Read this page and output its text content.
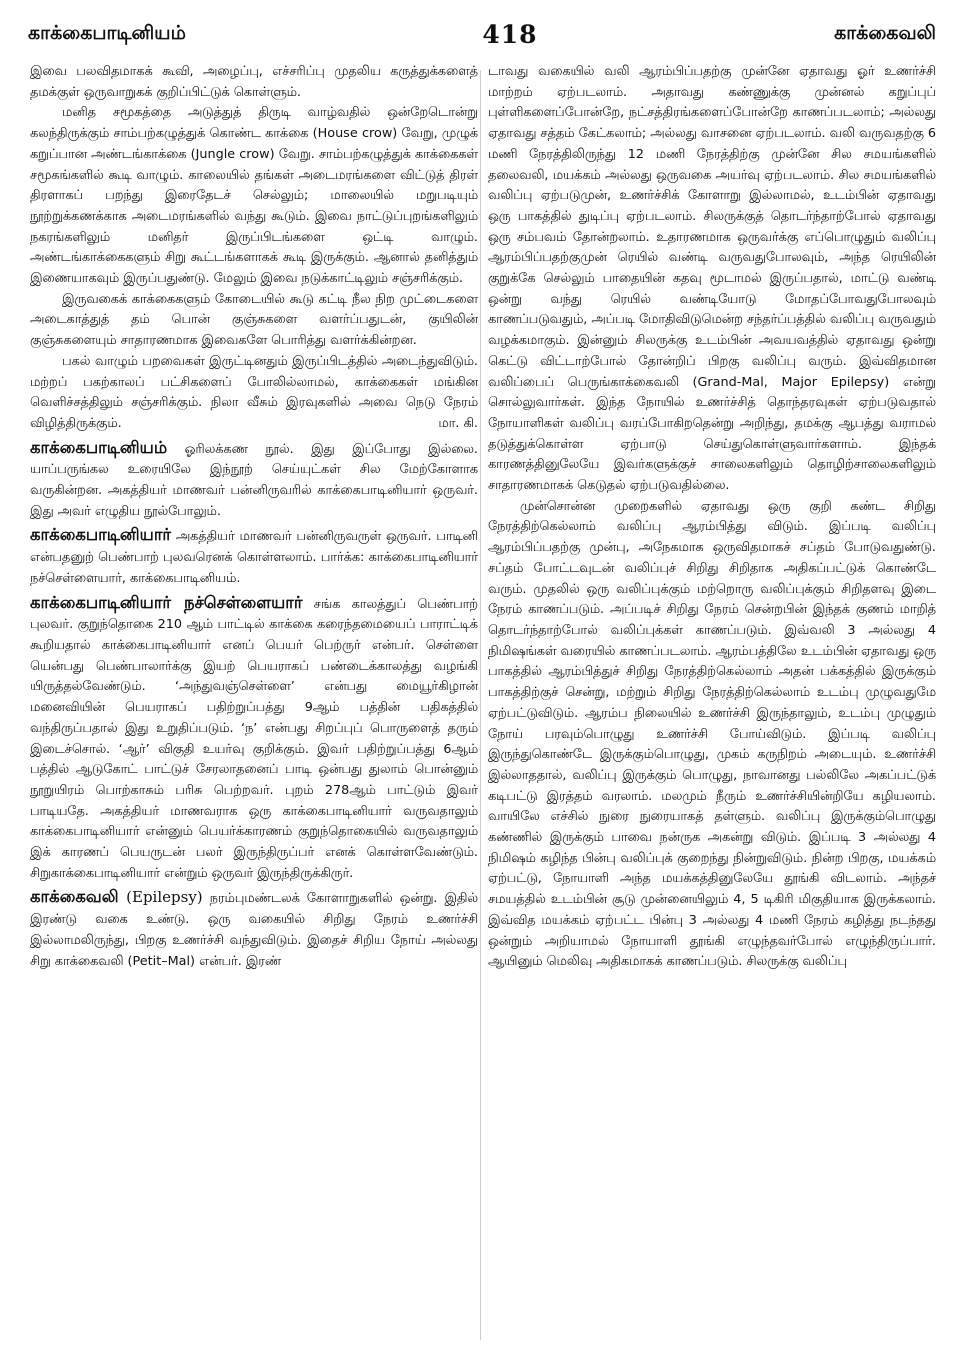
காக்கைபாடினியம்	418	காக்கைவலி

இவை பலவிதமாகக் கூவி, அழைப்பு, எச்சரிப்பு முதலிய கருத்துக்களைத் தமக்குள் ஒருவாறுகக் குறிப்பிட்டுக் கொள்ளும்.

மனித சமூகத்தை அடுத்துத் திருடி வாழ்வதில் ஒன்றேடொன்று கலந்திருக்கும் சாம்பற்கழுத்துக் கொண்ட காக்கை (House crow) வேறு, முழுக் கறுப்பான அண்டங்காக்கை (Jungle crow) வேறு. சாம்பற்கழுத்துக் காக்கைகள் சமூகங்களில் கூடி வாழும். காலையில் தங்கள் அடைமரங்களை விட்டுத் திரள் திரளாகப் பறந்து இரைதேடச் செல்லும்; மாலையில் மறுபடியும் நூற்றுக்கணக்காக அடைமரங்களில் வந்து கூடும். இவை நாட்டுப்புறங்களிலும் நகரங்களிலும் மனிதர் இருப்பிடங்களை ஒட்டி வாழும். அண்டங்காக்கைகளும் சிறு கூட்டங்களாகக் கூடி இருக்கும். ஆனால் தனித்தும் இணையாகவும் இருப்பதுண்டு. மேலும் இவை நடுக்காட்டிலும் சஞ்சரிக்கும்.

இருவகைக் காக்கைகளும் கோடையில் கூடு கட்டி நீல நிற முட்டைகளை அடைகாத்துத் தம் பொன் குஞ்சுகளை வளர்ப்பதுடன், குயிலின் குஞ்சுகளையும் சாதாரணமாக இவைகளே பொரித்து வளர்க்கின்றன.

பகல் வாழும் பறவைகள் இருட்டினதும் இருப்பிடத்தில் அடைந்துவிடும். மற்றப் பகற்காலப் பட்சிகளைப் போலில்லாமல், காக்கைகள் மங்கின வெளிச்சத்திலும் சஞ்சரிக்கும். நிலா வீசும் இரவுகளில் அவை நெடு நேரம் விழித்திருக்கும்.	மா. கி.

காக்கைபாடினியம் ஓரிலக்கண நூல். இது இப்போது இல்லை. யாப்பருங்கல உரையிலே இந்நூற் செய்யுட்கள் சில மேற்கோளாக வருகின்றன. அகத்தியர் மாணவர் பன்னிருவரில் காக்கைபாடினியார் ஒருவர். இது அவர் எழுதிய நூல்போலும்.

காக்கைபாடினியார் அகத்தியர் மாணவர் பன்னிருவருள் ஒருவர். பாடினி என்பதனுற் பெண்பாற் புலவரெனக் கொள்ளலாம். பார்க்க: காக்கைபாடினியார் நச்செள்ளையார், காக்கைபாடினியம்.

காக்கைபாடினியார் நச்செள்ளையார் சங்க காலத்துப் பெண்பாற் புலவர். குறுந்தொகை 210 ஆம் பாட்டில் காக்கை கரைந்தமையைப் பாராட்டிக் கூறியதால் காக்கைபாடினியார் எனப் பெயர் பெற்ருர் என்பர். செள்ளை யென்பது பெண்பாலார்க்கு இயற் பெயராகப் பண்டைக்காலத்து வழங்கி யிருத்தல்வேண்டும். ‘அந்துவஞ்செள்ளை’ என்பது மையூர்கிழான் மனைவியின் பெயராகப் பதிற்றுப்பத்து 9ஆம் பத்தின் பதிகத்தில் வந்திருப்பதால் இது உறுதிப்படும். ‘ந’ என்பது சிறப்புப் பொருளைத் தரும் இடைச்சொல். ‘ஆர்’ விகுதி உயர்வு குறிக்கும். இவர் பதிற்றுப்பத்து 6ஆம் பத்தில் ஆடுகோட் பாட்டுச் சேரலாதனைப் பாடி ஒன்பது துலாம் பொன்னும் நூறுயிரம் பொற்காசும் பரிசு பெற்றவர். புறம் 278ஆம் பாட்டும் இவர் பாடியதே. அகத்தியர் மாணவராக ஒரு காக்கைபாடினியார் வருவதாலும் காக்கைபாடினியார் என்னும் பெயர்க்காரணம் குறுந்தொகையில் வருவதாலும் இக் காரணப் பெயருடன் பலர் இருந்திருப்பர் எனக் கொள்ளவேண்டும். சிறுகாக்கைபாடினியார் என்றும் ஒருவர் இருந்திருக்கிருர்.

காக்கைவலி (Epilepsy) நரம்புமண்டலக் கோளாறுகளில் ஒன்று. இதில் இரண்டு வகை உண்டு. ஒரு வகையில் சிறிது நேரம் உணர்ச்சி இல்லாமலிருந்து, பிறகு உணர்ச்சி வந்துவிடும். இதைச் சிறிய நோய் அல்லது சிறு காக்கைவலி (Petit–Mal) என்பர். இரண்

டாவது வகையில் வலி ஆரம்பிப்பதற்கு முன்னே ஏதாவது ஓர் உணர்ச்சி மாற்றம் ஏற்படலாம். அதாவது கண்ணுக்கு முன்னல் கறுப்புப் புள்ளிகளைப்போன்றே, நட்சத்திரங்களைப்போன்றே காணப்படலாம்; அல்லது ஏதாவது சத்தம் கேட்கலாம்; அல்லது வாசனை ஏற்படலாம். வலி வருவதற்கு 6 மணி நேரத்திலிருந்து 12 மணி நேரத்திற்கு முன்னே சில சமயங்களில் தலைவலி, மயக்கம் அல்லது ஒருவகை அயர்வு ஏற்படலாம். சில சமயங்களில் வலிப்பு ஏற்படுமுன், உணர்ச்சிக் கோளாறு இல்லாமல், உடம்பின் ஏதாவது ஒரு பாகத்தில் துடிப்பு ஏற்படலாம். சிலருக்குத் தொடர்ந்தாற்போல் ஏதாவது ஒரு சம்பவம் தோன்றலாம். உதாரணமாக ஒருவர்க்கு எப்பொழுதும் வலிப்பு ஆரம்பிப்பதற்குமுன் ரெயில் வண்டி வருவதுபோலவும், அந்த ரெயிலின் குறுக்கே செல்லும் பாதையின் கதவு மூடாமல் இருப்பதால், மாட்டு வண்டி ஒன்று வந்து ரெயில் வண்டியோடு மோதப்போவதுபோலவும் காணப்படுவதும், அப்படி மோதிவிடுமென்ற சந்தர்ப்பத்தில் வலிப்பு வருவதும் வழக்கமாகும். இன்னும் சிலருக்கு உடம்பின் அவயவத்தில் ஏதாவது ஒன்று கெட்டு விட்டாற்போல் தோன்றிப் பிறகு வலிப்பு வரும். இவ்விதமான வலிப்பைப் பெருங்காக்கைவலி (Grand-Mal, Major Epilepsy) என்று சொல்லுவார்கள். இந்த நோயில் உணர்ச்சித் தொந்தரவுகள் ஏற்படுவதால் நோயாளிகள் வலிப்பு வரப்போகிறதென்று அறிந்து, தமக்கு ஆபத்து வராமல் தடுத்துக்கொள்ள ஏற்பாடு செய்துகொள்ளுவார்களாம். இந்தக் காரணத்தினுலேயே இவர்களுக்குச் சாலைகளிலும் தொழிற்சாலைகளிலும் சாதாரணமாகக் கெடுதல் ஏற்படுவதில்லை.

முன்சொன்ன முறைகளில் ஏதாவது ஒரு குறி கண்ட சிறிது நேரத்திற்கெல்லாம் வலிப்பு ஆரம்பித்து விடும். இப்படி வலிப்பு ஆரம்பிப்பதற்கு முன்பு, அநேகமாக ஒருவிதமாகச் சப்தம் போடுவதுண்டு. சப்தம் போட்டவுடன் வலிப்புச் சிறிது சிறிதாக அதிகப்பட்டுக் கொண்டே வரும். முதலில் ஒரு வலிப்புக்கும் மற்றொரு வலிப்புக்கும் சிறிதளவு இடை நேரம் காணப்படும். அப்படிச் சிறிது நேரம் சென்றபின் இந்தக் குணம் மாறித் தொடர்ந்தாற்போல் வலிப்புக்கள் காணப்படும். இவ்வலி 3 அல்லது 4 நிமிஷங்கள் வரையில் காணப்படலாம். ஆரம்பத்திலே உடம்பின் ஏதாவது ஒரு பாகத்தில் ஆரம்பித்துச் சிறிது நேரத்திற்கெல்லாம் அதன் பக்கத்தில் இருக்கும் பாகத்திற்குச் சென்று, மற்றும் சிறிது நேரத்திற்கெல்லாம் உடம்பு முழுவதுமே ஏற்பட்டுவிடும். ஆரம்ப நிலையில் உணர்ச்சி இருந்தாலும், உடம்பு முழுதும் நோய் பரவும்பொழுது உணர்ச்சி போய்விடும். இப்படி வலிப்பு இருந்துகொண்டே இருக்கும்பொழுது, முகம் கருநிறம் அடையும். உணர்ச்சி இல்லாததால், வலிப்பு இருக்கும் பொழுது, நாவானது பல்லிலே அகப்பட்டுக் கடிபட்டு இரத்தம் வரலாம். மலமும் நீரும் உணர்ச்சியின்றியே கழியலாம். வாயிலே எச்சில் நுரை நுரையாகத் தள்ளும். வலிப்பு இருக்கும்பொழுது கண்ணில் இருக்கும் பாவை நன்ருக அகன்று விடும். இப்படி 3 அல்லது 4 நிமிஷம் கழிந்த பின்பு வலிப்புக் குறைந்து நின்றுவிடும். நின்ற பிறகு, மயக்கம் ஏற்பட்டு, நோயாளி அந்த மயக்கத்தினுலேயே தூங்கி விடலாம். அந்தச் சமயத்தில் உடம்பின் சூடு முன்னையிலும் 4, 5 டிகிரி மிகுதியாக இருக்கலாம். இவ்வித மயக்கம் ஏற்பட்ட பின்பு 3 அல்லது 4 மணி நேரம் கழித்து நடந்தது ஒன்றும் அறியாமல் நோயாளி தூங்கி எழுந்தவர்போல் எழுந்திருப்பார். ஆயினும் மெலிவு அதிகமாகக் காணப்படும். சிலருக்கு வலிப்பு
